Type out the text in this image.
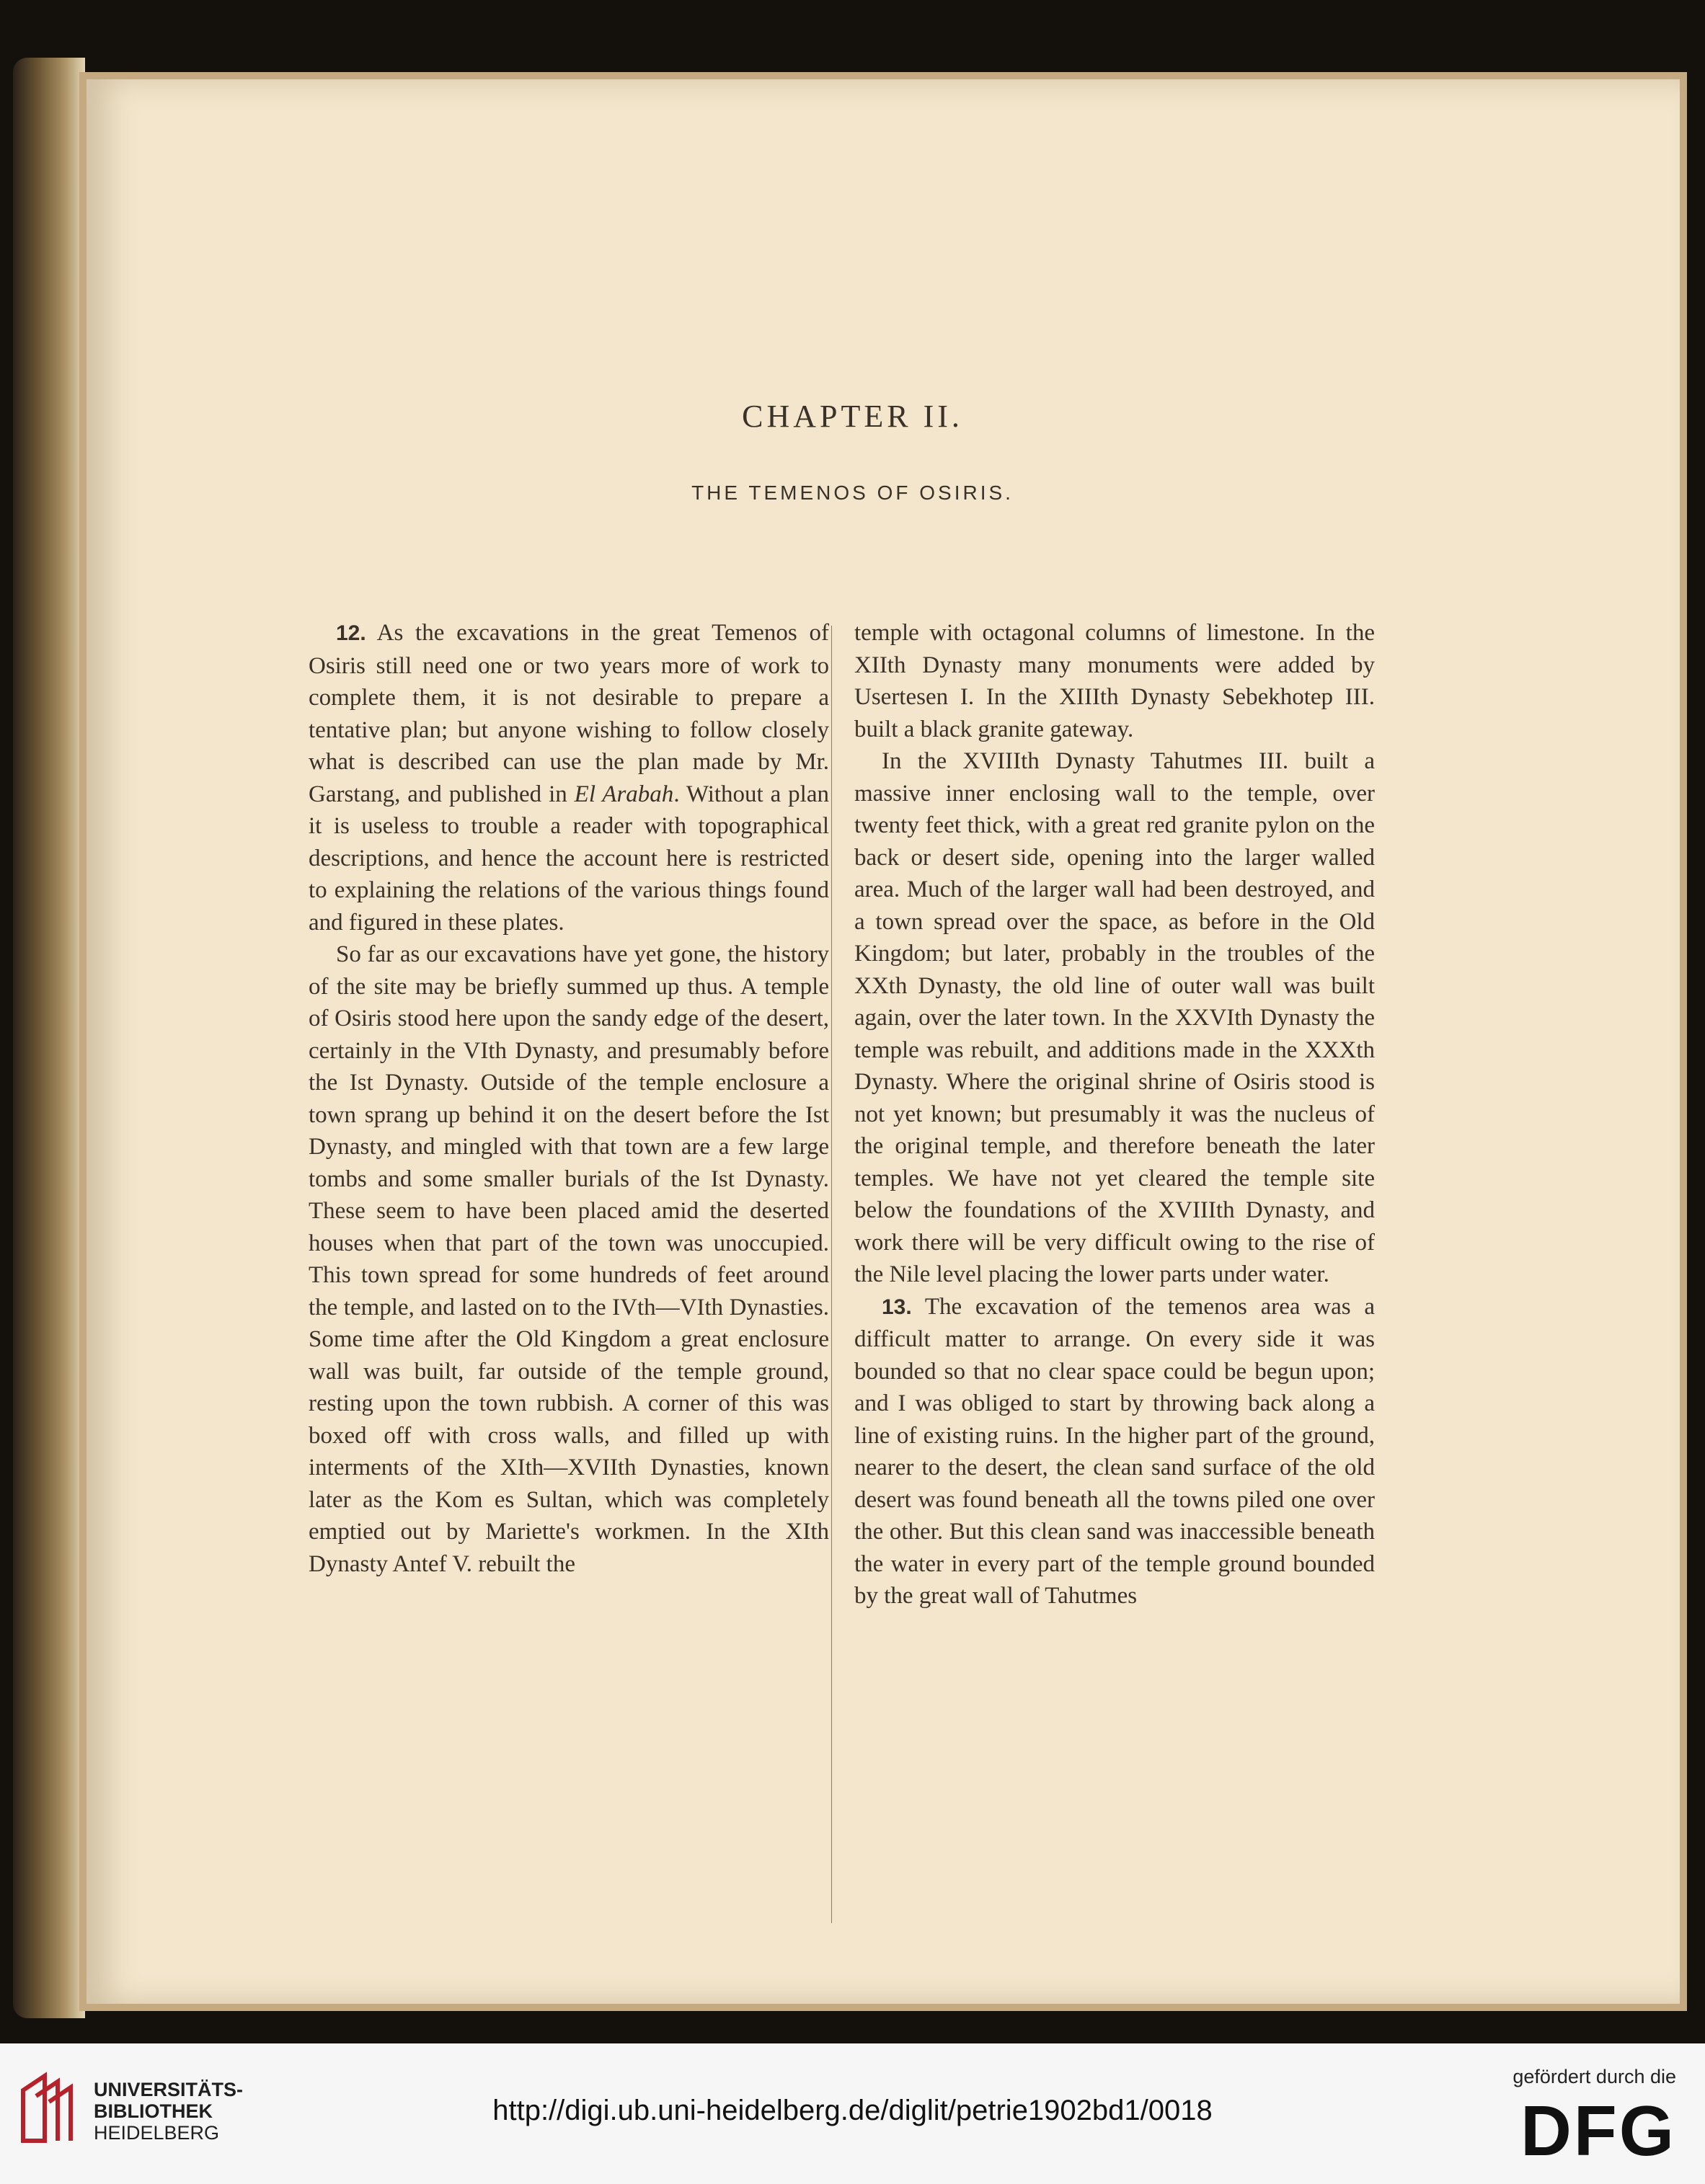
CHAPTER II.
THE TEMENOS OF OSIRIS.

12. As the excavations in the great Temenos of Osiris still need one or two years more of work to complete them, it is not desirable to prepare a tentative plan; but anyone wishing to follow closely what is described can use the plan made by Mr. Garstang, and published in El Arabah. Without a plan it is useless to trouble a reader with topographical descriptions, and hence the account here is restricted to explaining the relations of the various things found and figured in these plates.

So far as our excavations have yet gone, the history of the site may be briefly summed up thus. A temple of Osiris stood here upon the sandy edge of the desert, certainly in the VIth Dynasty, and presumably before the Ist Dynasty. Outside of the temple enclosure a town sprang up behind it on the desert before the Ist Dynasty, and mingled with that town are a few large tombs and some smaller burials of the Ist Dynasty. These seem to have been placed amid the deserted houses when that part of the town was unoccupied. This town spread for some hundreds of feet around the temple, and lasted on to the IVth—VIth Dynasties. Some time after the Old Kingdom a great enclosure wall was built, far outside of the temple ground, resting upon the town rubbish. A corner of this was boxed off with cross walls, and filled up with interments of the XIth—XVIIth Dynasties, known later as the Kom es Sultan, which was completely emptied out by Mariette's workmen. In the XIth Dynasty Antef V. rebuilt the

temple with octagonal columns of limestone. In the XIIth Dynasty many monuments were added by Usertesen I. In the XIIIth Dynasty Sebekhotep III. built a black granite gateway.

In the XVIIIth Dynasty Tahutmes III. built a massive inner enclosing wall to the temple, over twenty feet thick, with a great red granite pylon on the back or desert side, opening into the larger walled area. Much of the larger wall had been destroyed, and a town spread over the space, as before in the Old Kingdom; but later, probably in the troubles of the XXth Dynasty, the old line of outer wall was built again, over the later town. In the XXVIth Dynasty the temple was rebuilt, and additions made in the XXXth Dynasty. Where the original shrine of Osiris stood is not yet known; but presumably it was the nucleus of the original temple, and therefore beneath the later temples. We have not yet cleared the temple site below the foundations of the XVIIIth Dynasty, and work there will be very difficult owing to the rise of the Nile level placing the lower parts under water.

13. The excavation of the temenos area was a difficult matter to arrange. On every side it was bounded so that no clear space could be begun upon; and I was obliged to start by throwing back along a line of existing ruins. In the higher part of the ground, nearer to the desert, the clean sand surface of the old desert was found beneath all the towns piled one over the other. But this clean sand was inaccessible beneath the water in every part of the temple ground bounded by the great wall of Tahutmes

UNIVERSITÄTS-
BIBLIOTHEK
HEIDELBERG
http://digi.ub.uni-heidelberg.de/diglit/petrie1902bd1/0018
gefördert durch die
DFG
